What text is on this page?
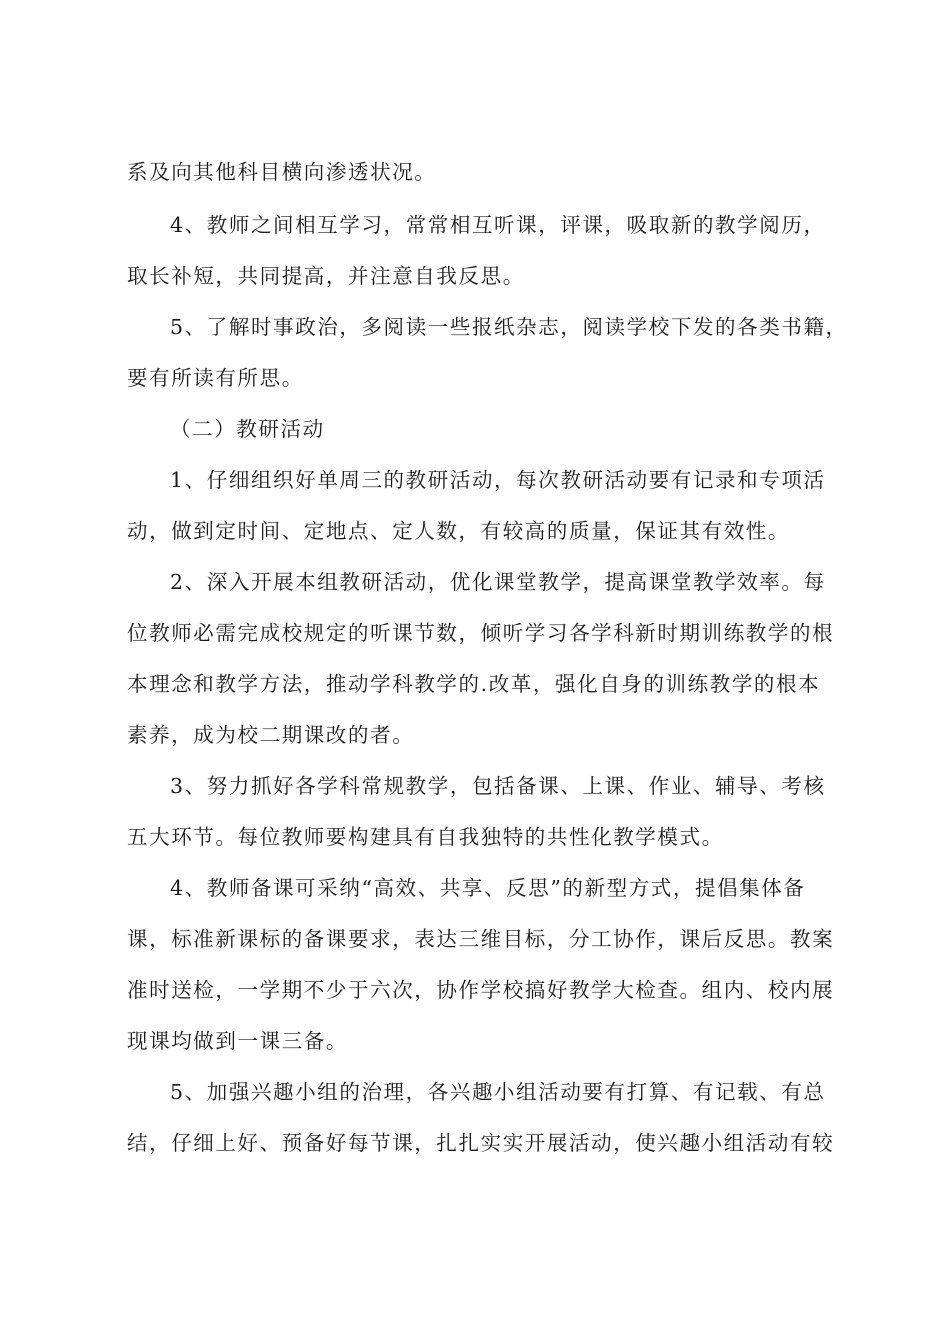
系及向其他科目横向渗透状况。
4、教师之间相互学习，常常相互听课，评课，吸取新的教学阅历，
取长补短，共同提高，并注意自我反思。
5、了解时事政治，多阅读一些报纸杂志，阅读学校下发的各类书籍，
要有所读有所思。
（二）教研活动
1、仔细组织好单周三的教研活动，每次教研活动要有记录和专项活
动，做到定时间、定地点、定人数，有较高的质量，保证其有效性。
2、深入开展本组教研活动，优化课堂教学，提高课堂教学效率。每
位教师必需完成校规定的听课节数，倾听学习各学科新时期训练教学的根
本理念和教学方法，推动学科教学的.改革，强化自身的训练教学的根本
素养，成为校二期课改的者。
3、努力抓好各学科常规教学，包括备课、上课、作业、辅导、考核
五大环节。每位教师要构建具有自我独特的共性化教学模式。
4、教师备课可采纳“高效、共享、反思”的新型方式，提倡集体备
课，标准新课标的备课要求，表达三维目标，分工协作，课后反思。教案
准时送检，一学期不少于六次，协作学校搞好教学大检查。组内、校内展
现课均做到一课三备。
5、加强兴趣小组的治理，各兴趣小组活动要有打算、有记载、有总
结，仔细上好、预备好每节课，扎扎实实开展活动，使兴趣小组活动有较
